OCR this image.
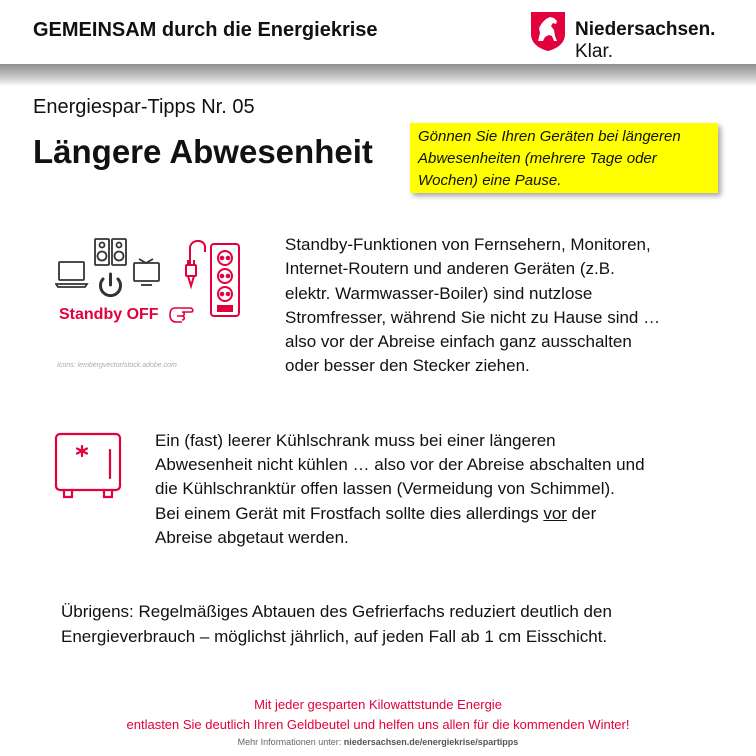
GEMEINSAM durch die Energiekrise	Niedersachsen. Klar.
Energiespar-Tipps Nr. 05
Längere Abwesenheit	Gönnen Sie Ihren Geräten bei längeren
Abwesenheiten (mehrere Tage oder
Wochen) eine Pause.
Standby OFF
Icons: lembergvector/stock.adobe.com
Standby-Funktionen von Fernsehern, Monitoren,
Internet-Routern und anderen Geräten (z.B.
elektr. Warmwasser-Boiler) sind nutzlose
Stromfresser, während Sie nicht zu Hause sind …
also vor der Abreise einfach ganz ausschalten
oder besser den Stecker ziehen.
Ein (fast) leerer Kühlschrank muss bei einer längeren
Abwesenheit nicht kühlen … also vor der Abreise abschalten und
die Kühlschranktür offen lassen (Vermeidung von Schimmel).
Bei einem Gerät mit Frostfach sollte dies allerdings vor der
Abreise abgetaut werden.
Übrigens: Regelmäßiges Abtauen des Gefrierfachs reduziert deutlich den
Energieverbrauch – möglichst jährlich, auf jeden Fall ab 1 cm Eisschicht.
Mit jeder gesparten Kilowattstunde Energie
entlasten Sie deutlich Ihren Geldbeutel und helfen uns allen für die kommenden Winter!
Mehr Informationen unter: niedersachsen.de/energiekrise/spartipps
